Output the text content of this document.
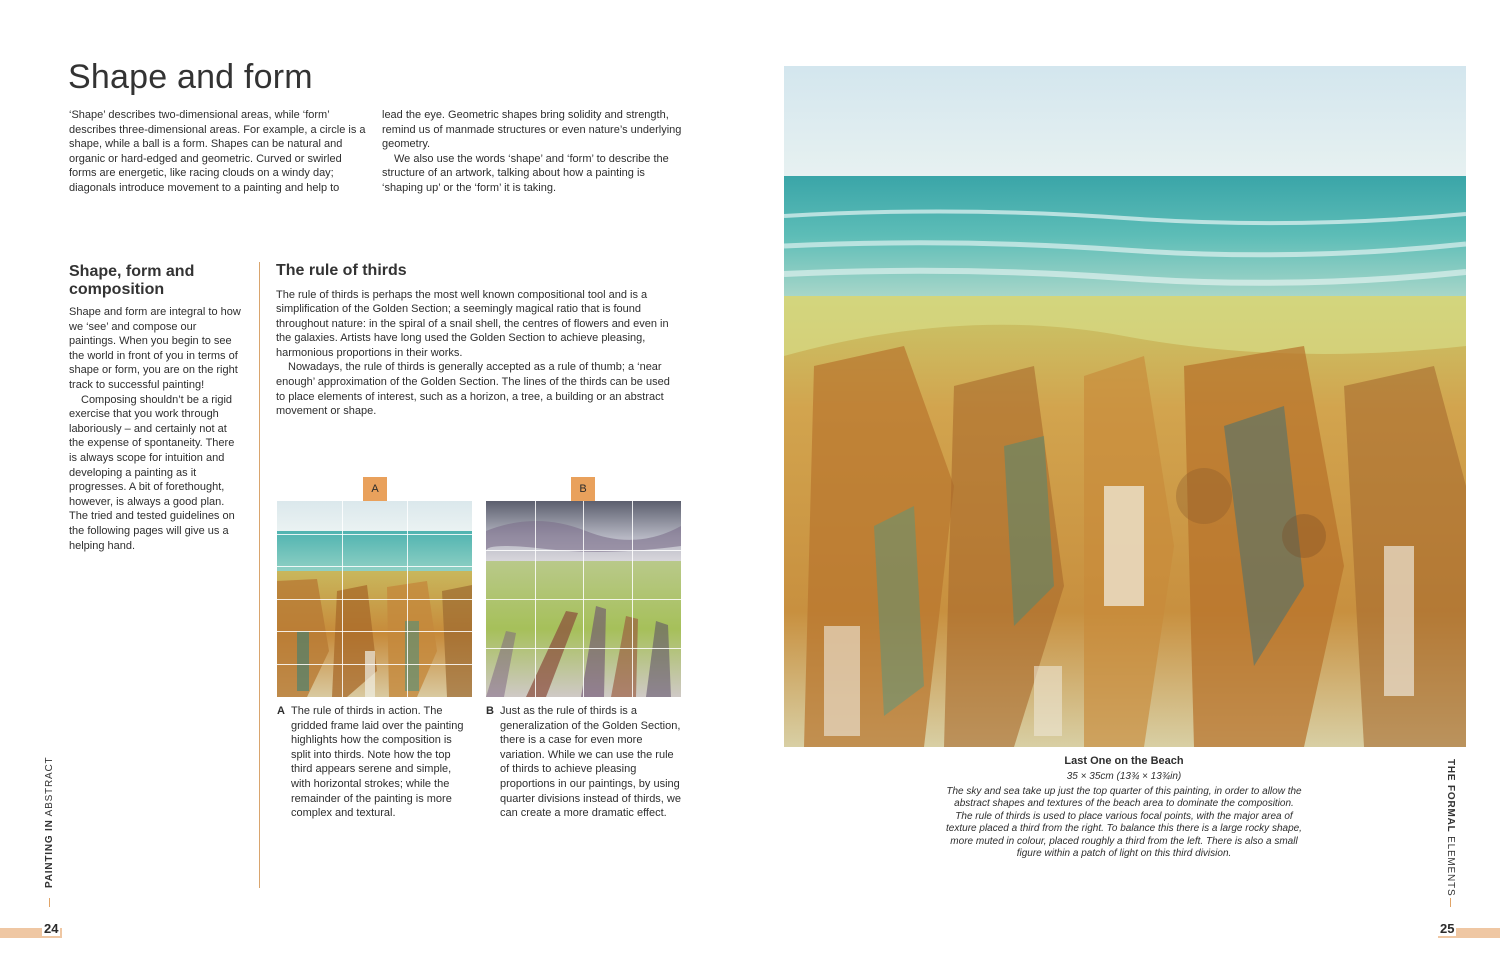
Shape and form

‘Shape’ describes two-dimensional areas, while ‘form’ describes three-dimensional areas. For example, a circle is a shape, while a ball is a form. Shapes can be natural and organic or hard-edged and geometric. Curved or swirled forms are energetic, like racing clouds on a windy day; diagonals introduce movement to a painting and help to

lead the eye. Geometric shapes bring solidity and strength, remind us of manmade structures or even nature’s underlying geometry.

We also use the words ‘shape’ and ‘form’ to describe the structure of an artwork, talking about how a painting is ‘shaping up’ or the ‘form’ it is taking.

Shape, form and composition

Shape and form are integral to how we ‘see’ and compose our paintings. When you begin to see the world in front of you in terms of shape or form, you are on the right track to successful painting!

Composing shouldn’t be a rigid exercise that you work through laboriously – and certainly not at the expense of spontaneity. There is always scope for intuition and developing a painting as it progresses. A bit of forethought, however, is always a good plan. The tried and tested guidelines on the following pages will give us a helping hand.

The rule of thirds

The rule of thirds is perhaps the most well known compositional tool and is a simplification of the Golden Section; a seemingly magical ratio that is found throughout nature: in the spiral of a snail shell, the centres of flowers and even in the galaxies. Artists have long used the Golden Section to achieve pleasing, harmonious proportions in their works.

Nowadays, the rule of thirds is generally accepted as a rule of thumb; a ‘near enough’ approximation of the Golden Section. The lines of the thirds can be used to place elements of interest, such as a horizon, a tree, a building or an abstract movement or shape.

A
A The rule of thirds in action. The gridded frame laid over the painting highlights how the composition is split into thirds. Note how the top third appears serene and simple, with horizontal strokes; while the remainder of the painting is more complex and textural.
B
B Just as the rule of thirds is a generalization of the Golden Section, there is a case for even more variation. While we can use the rule of thirds to achieve pleasing proportions in our paintings, by using quarter divisions instead of thirds, we can create a more dramatic effect.
PAINTING IN ABSTRACT
24
Last One on the Beach
35 × 35cm (13¾ × 13¾in)
The sky and sea take up just the top quarter of this painting, in order to allow the abstract shapes and textures of the beach area to dominate the composition. The rule of thirds is used to place various focal points, with the major area of texture placed a third from the right. To balance this there is a large rocky shape, more muted in colour, placed roughly a third from the left. There is also a small figure within a patch of light on this third division.
THE FORMAL ELEMENTS
25
